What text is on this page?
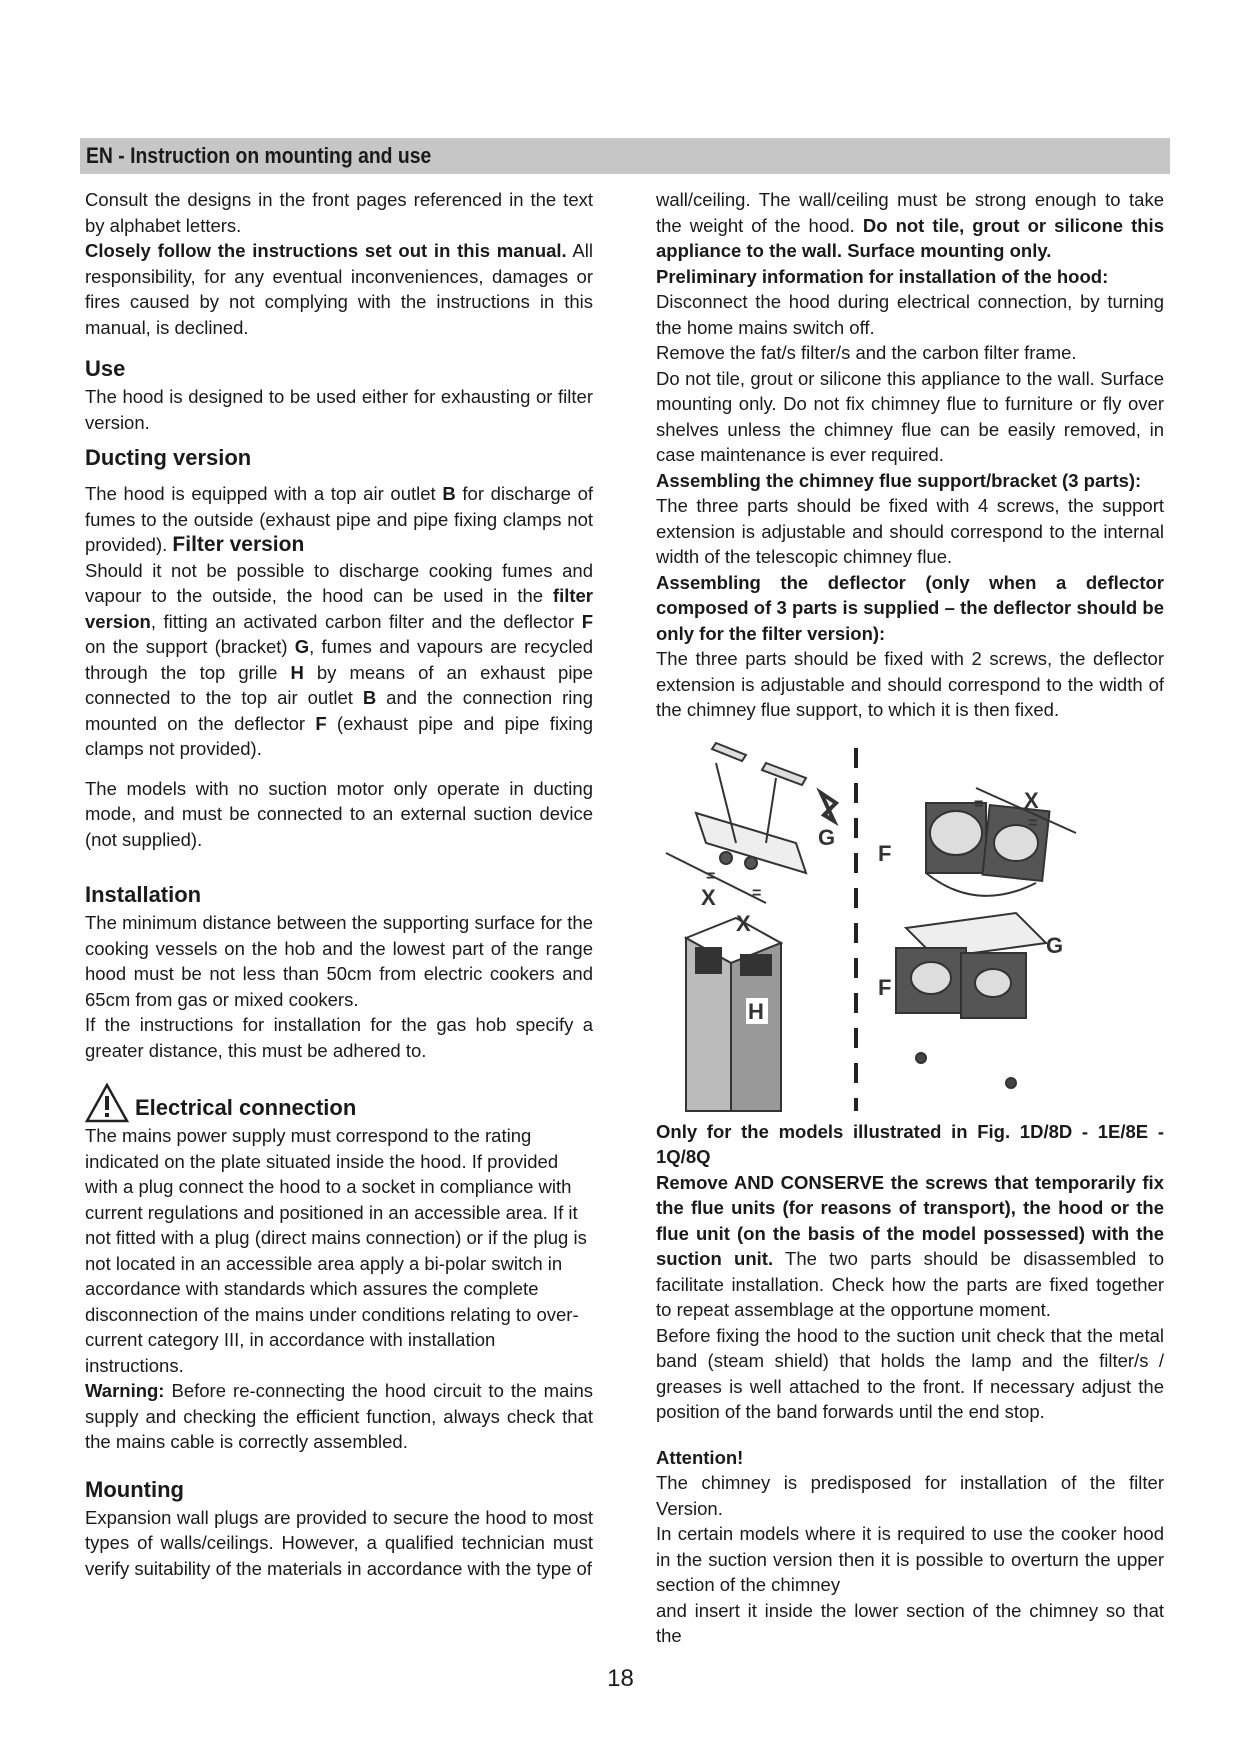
EN - Instruction on mounting and use

Consult the designs in the front pages referenced in the text by alphabet letters.

Closely follow the instructions set out in this manual. All responsibility, for any eventual inconveniences, damages or fires caused by not complying with the instructions in this manual, is declined.

Use

The hood is designed to be used either for exhausting or filter version.

Ducting version

The hood is equipped with a top air outlet B for discharge of fumes to the outside (exhaust pipe and pipe fixing clamps not provided). Filter version

Should it not be possible to discharge cooking fumes and vapour to the outside, the hood can be used in the filter version, fitting an activated carbon filter and the deflector F on the support (bracket) G, fumes and vapours are recycled through the top grille H by means of an exhaust pipe connected to the top air outlet B and the connection ring mounted on the deflector F (exhaust pipe and pipe fixing clamps not provided).

The models with no suction motor only operate in ducting mode, and must be connected to an external suction device (not supplied).

Installation

The minimum distance between the supporting surface for the cooking vessels on the hob and the lowest part of the range hood must be not less than 50cm from electric cookers and 65cm from gas or mixed cookers.

If the instructions for installation for the gas hob specify a greater distance, this must be adhered to.

Electrical connection

The mains power supply must correspond to the rating indicated on the plate situated inside the hood. If provided with a plug connect the hood to a socket in compliance with current regulations and positioned in an accessible area. If it not fitted with a plug (direct mains connection) or if the plug is not located in an accessible area apply a bi-polar switch in accordance with standards which assures the complete disconnection of the mains under conditions relating to over-current category III, in accordance with installation instructions.

Warning: Before re-connecting the hood circuit to the mains supply and checking the efficient function, always check that the mains cable is correctly assembled.

Mounting

Expansion wall plugs are provided to secure the hood to most types of walls/ceilings. However, a qualified technician must verify suitability of the materials in accordance with the type of

wall/ceiling. The wall/ceiling must be strong enough to take the weight of the hood. Do not tile, grout or silicone this appliance to the wall. Surface mounting only.

Preliminary information for installation of the hood:

Disconnect the hood during electrical connection, by turning the home mains switch off.

Remove the fat/s filter/s and the carbon filter frame.

Do not tile, grout or silicone this appliance to the wall. Surface mounting only. Do not fix chimney flue to furniture or fly over shelves unless the chimney flue can be easily removed, in case maintenance is ever required.

Assembling the chimney flue support/bracket (3 parts):

The three parts should be fixed with 4 screws, the support extension is adjustable and should correspond to the internal width of the telescopic chimney flue.

Assembling the deflector (only when a deflector composed of 3 parts is supplied – the deflector should be only for the filter version):

The three parts should be fixed with 2 screws, the deflector extension is adjustable and should correspond to the width of the chimney flue support, to which it is then fixed.

G
=
=
X
=
=
F
X
G
F
X
H

Only for the models illustrated in Fig. 1D/8D - 1E/8E - 1Q/8Q

Remove AND CONSERVE the screws that temporarily fix the flue units (for reasons of transport), the hood or the flue unit (on the basis of the model possessed) with the suction unit. The two parts should be disassembled to facilitate installation. Check how the parts are fixed together to repeat assemblage at the opportune moment.

Before fixing the hood to the suction unit check that the metal band (steam shield) that holds the lamp and the filter/s / greases is well attached to the front. If necessary adjust the position of the band forwards until the end stop.

Attention!

The chimney is predisposed for installation of the filter Version.

In certain models where it is required to use the cooker hood in the suction version then it is possible to overturn the upper section of the chimney

and insert it inside the lower section of the chimney so that the

18
